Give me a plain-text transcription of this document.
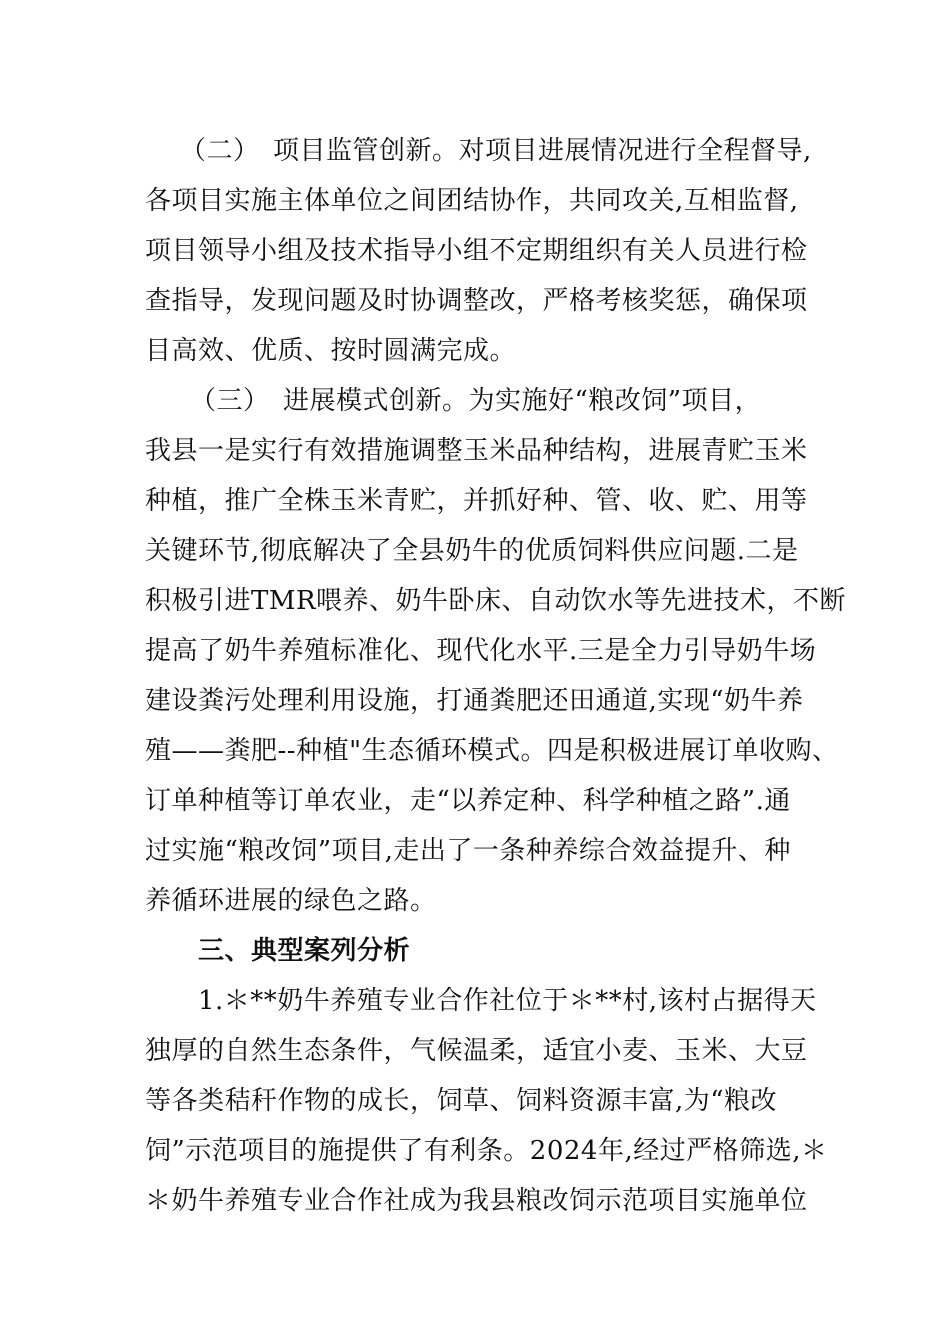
（二）　项目监管创新。对项目进展情况进行全程督导,
各项目实施主体单位之间团结协作，共同攻关,互相监督,
项目领导小组及技术指导小组不定期组织有关人员进行检
查指导，发现问题及时协调整改，严格考核奖惩，确保项
目高效、优质、按时圆满完成。
（三）　进展模式创新。为实施好“粮改饲”项目，
我县一是实行有效措施调整玉米品种结构，进展青贮玉米
种植，推广全株玉米青贮，并抓好种、管、收、贮、用等
关键环节,彻底解决了全县奶牛的优质饲料供应问题.二是
积极引进TMR喂养、奶牛卧床、自动饮水等先进技术，不断
提高了奶牛养殖标准化、现代化水平.三是全力引导奶牛场
建设粪污处理利用设施，打通粪肥还田通道,实现“奶牛养
殖——粪肥--种植"生态循环模式。四是积极进展订单收购、
订单种植等订单农业，走“以养定种、科学种植之路”.通
过实施“粮改饲”项目,走出了一条种养综合效益提升、种
养循环进展的绿色之路。
三、典型案列分析
1.＊**奶牛养殖专业合作社位于＊**村,该村占据得天
独厚的自然生态条件，气候温柔，适宜小麦、玉米、大豆
等各类秸秆作物的成长，饲草、饲料资源丰富,为“粮改
饲”示范项目的施提供了有利条。2024年,经过严格筛选,＊
＊奶牛养殖专业合作社成为我县粮改饲示范项目实施单位
